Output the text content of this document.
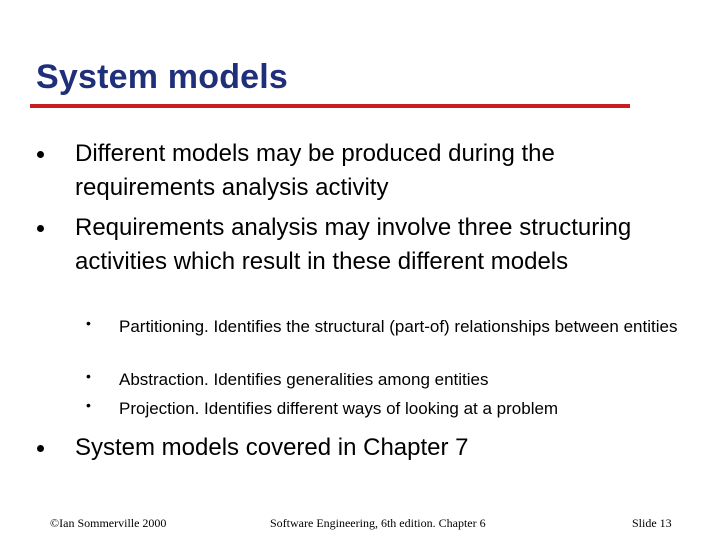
System models
Different models may be produced during the requirements analysis activity
Requirements analysis may involve three structuring activities which result in these different models
• Partitioning. Identifies the structural (part-of) relationships between entities
• Abstraction. Identifies generalities among entities
• Projection. Identifies different ways of looking at a problem
System models covered in Chapter 7
©Ian Sommerville 2000	Software Engineering, 6th edition. Chapter 6	Slide 13
